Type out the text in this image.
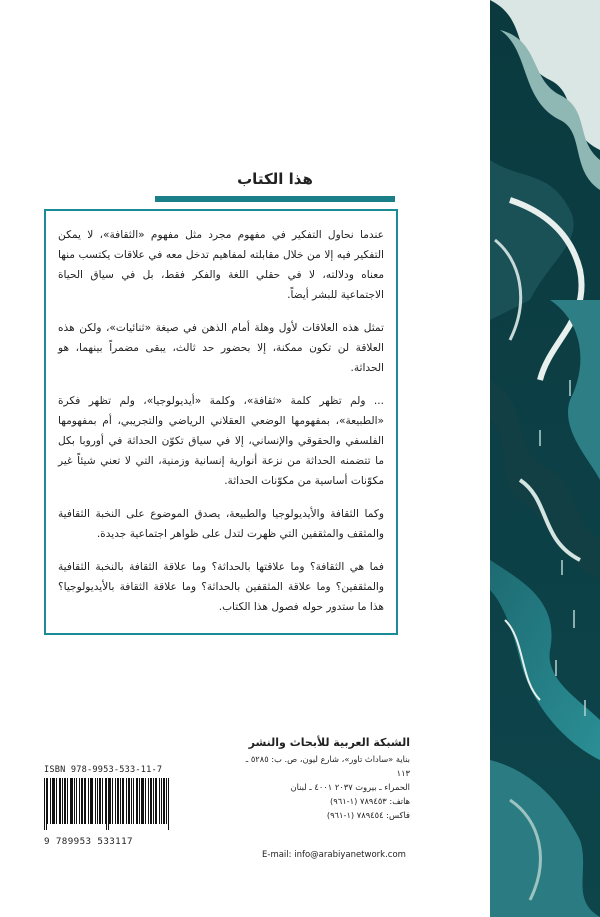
هذا الكتاب

عندما نحاول التفكير في مفهوم مجرد مثل مفهوم «الثقافة»، لا يمكن التفكير فيه إلا من خلال مقابلته لمفاهيم تدخل معه في علاقات يكتسب منها معناه ودلالته، لا في حقلي اللغة والفكر فقط، بل في سياق الحياة الاجتماعية للبشر أيضاً.

تمثل هذه العلاقات لأول وهلة أمام الذهن في صيغة «ثنائيات»، ولكن هذه العلاقة لن تكون ممكنة، إلا بحضور حد ثالث، يبقى مضمراً بينهما، هو الحداثة.

... ولم تظهر كلمة «ثقافة»، وكلمة «أيديولوجيا»، ولم تظهر فكرة «الطبيعة»، بمفهومها الوضعي العقلاني الرياضي والتجريبي، أم بمفهومها الفلسفي والحقوقي والإنساني، إلا في سياق تكوّن الحداثة في أوروبا بكل ما تتضمنه الحداثة من نزعة أنوارية إنسانية وزمنية، التي لا تعني شيئاً غير مكوّنات أساسية من مكوّنات الحداثة.

وكما الثقافة والأيديولوجيا والطبيعة، يصدق الموضوع على النخبة الثقافية والمثقف والمثقفين التي ظهرت لتدل على ظواهر اجتماعية جديدة.

فما هي الثقافة؟ وما علاقتها بالحداثة؟ وما علاقة الثقافة بالنخبة الثقافية والمثقفين؟ وما علاقة المثقفين بالحداثة؟ وما علاقة الثقافة بالأيديولوجيا؟ هذا ما ستدور حوله فصول هذا الكتاب.

الشبكة العربية للأبحاث والنشر

بناية «ساداث تاور»، شارع ليون، ص. ب: ٥٢٨٥ ـ ١١٣

الحمراء ـ بيروت ٢٠٣٧ ٤٠٠١ ـ لبنان

هاتف: ٧٨٩٤٥٣ (١-٩٦١)

فاكس: ٧٨٩٤٥٤ (١-٩٦١)

E-mail: info@arabiyanetwork.com

ISBN 978-9953-533-11-7

9 789953 533117
